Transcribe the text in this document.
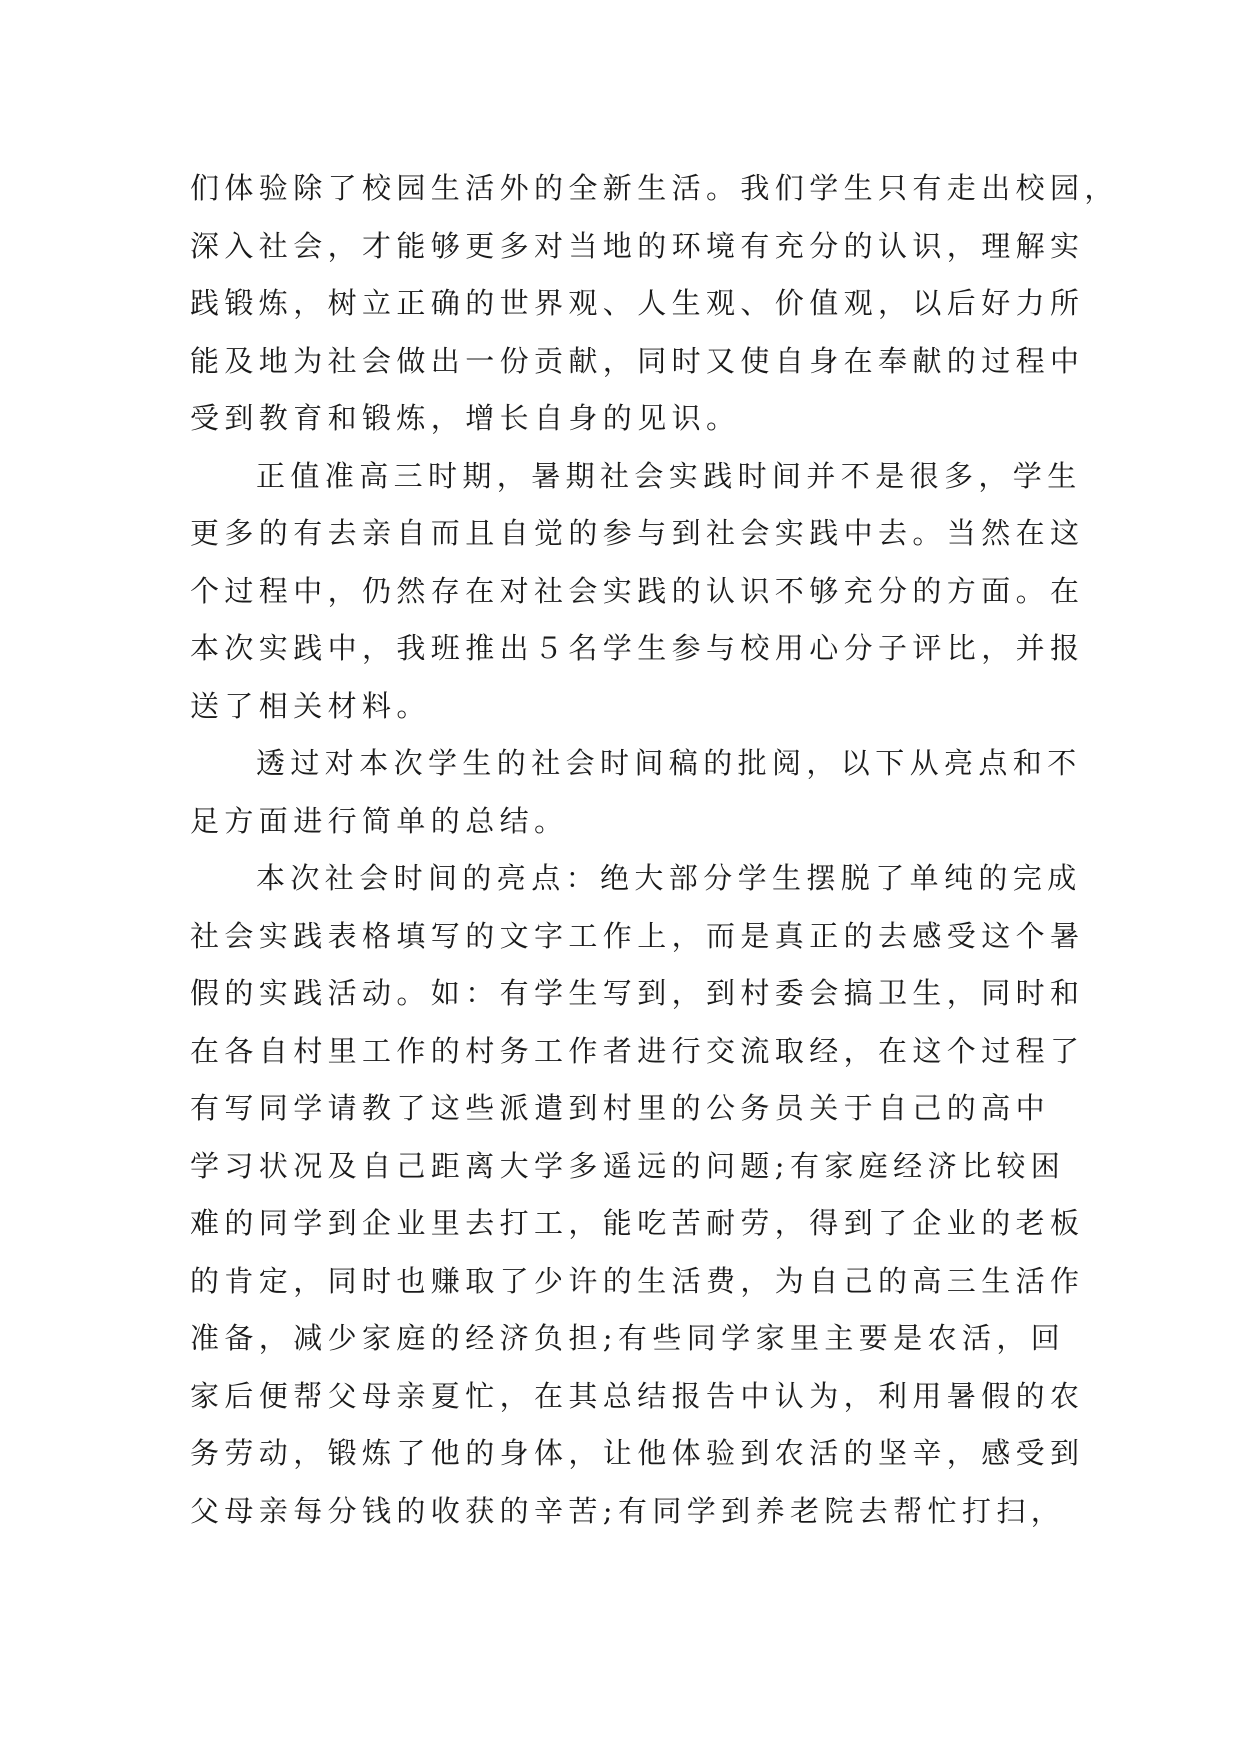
们体验除了校园生活外的全新生活。我们学生只有走出校园，
深入社会，才能够更多对当地的环境有充分的认识，理解实
践锻炼，树立正确的世界观、人生观、价值观，以后好力所
能及地为社会做出一份贡献，同时又使自身在奉献的过程中
受到教育和锻炼，增长自身的见识。
正值准高三时期，暑期社会实践时间并不是很多，学生
更多的有去亲自而且自觉的参与到社会实践中去。当然在这
个过程中，仍然存在对社会实践的认识不够充分的方面。在
本次实践中，我班推出５名学生参与校用心分子评比，并报
送了相关材料。
透过对本次学生的社会时间稿的批阅，以下从亮点和不
足方面进行简单的总结。
本次社会时间的亮点：绝大部分学生摆脱了单纯的完成
社会实践表格填写的文字工作上，而是真正的去感受这个暑
假的实践活动。如：有学生写到，到村委会搞卫生，同时和
在各自村里工作的村务工作者进行交流取经，在这个过程了
有写同学请教了这些派遣到村里的公务员关于自己的高中
学习状况及自己距离大学多遥远的问题;有家庭经济比较困
难的同学到企业里去打工，能吃苦耐劳，得到了企业的老板
的肯定，同时也赚取了少许的生活费，为自己的高三生活作
准备，减少家庭的经济负担;有些同学家里主要是农活，回
家后便帮父母亲夏忙，在其总结报告中认为，利用暑假的农
务劳动，锻炼了他的身体，让他体验到农活的坚辛，感受到
父母亲每分钱的收获的辛苦;有同学到养老院去帮忙打扫，
